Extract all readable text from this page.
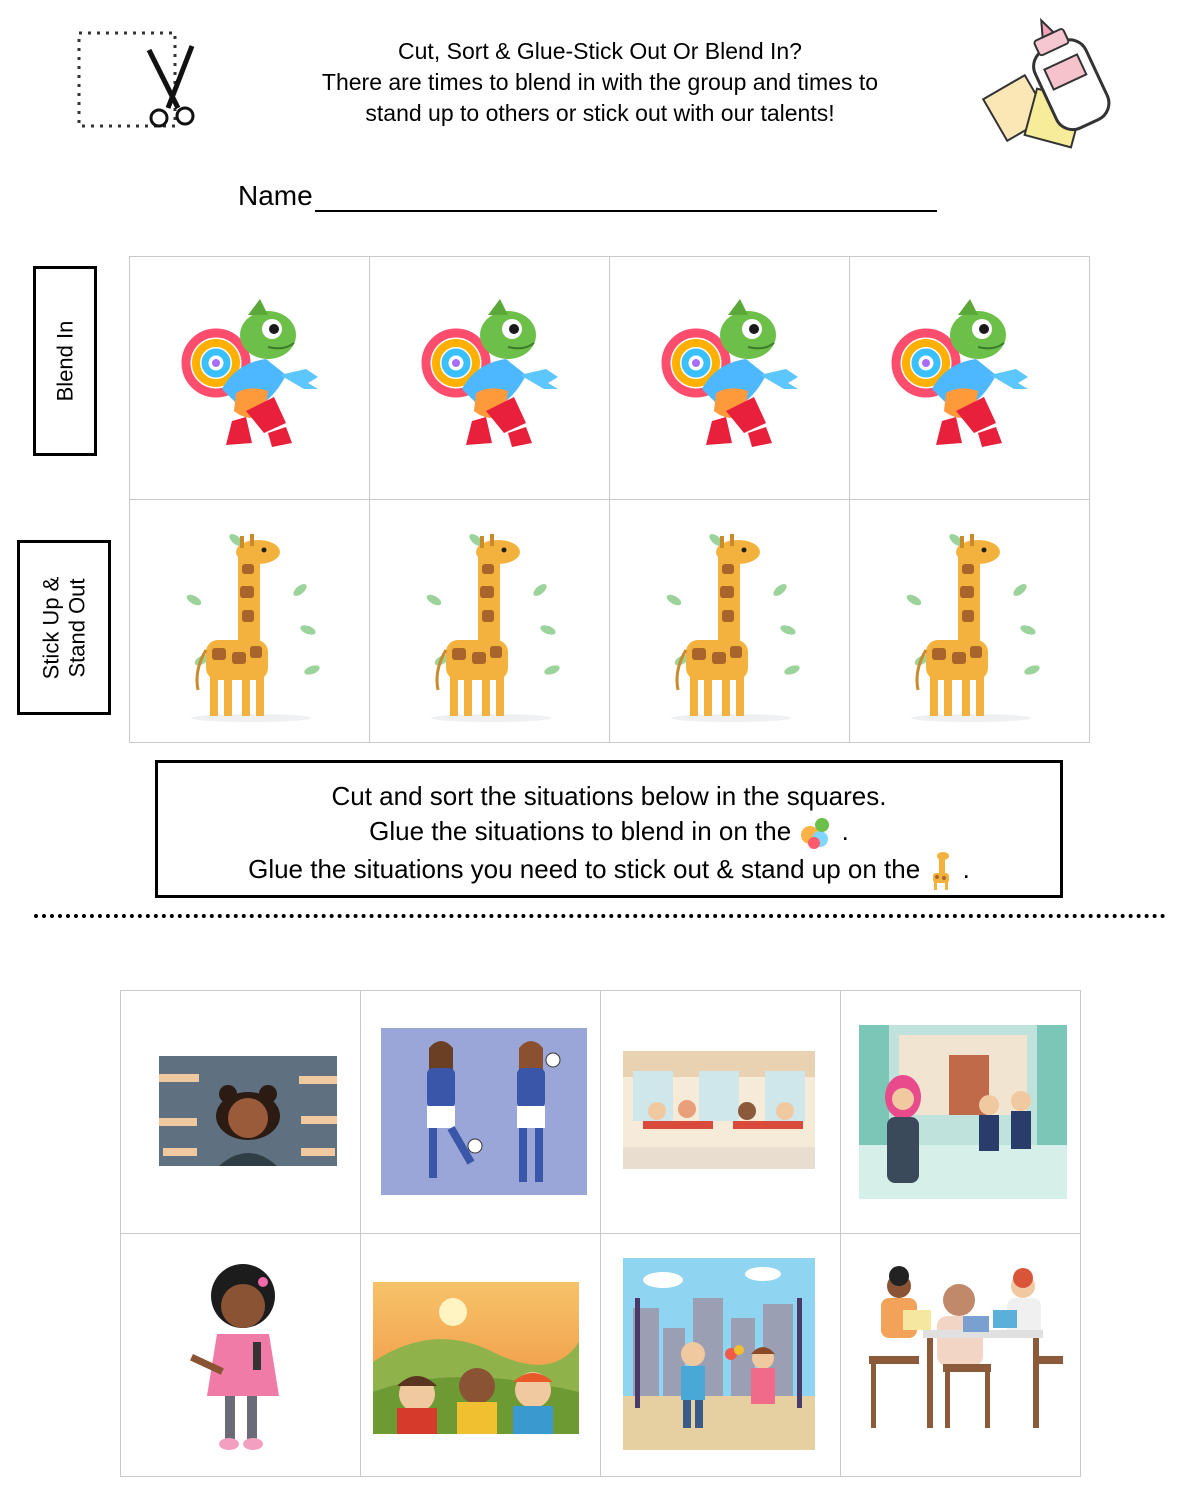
Cut, Sort & Glue-Stick Out Or Blend In?
There are times to blend in with the group and times to
stand up to others or stick out with our talents!
Name
Blend In
Stick Up & Stand Out

Cut and sort the situations below in the squares.
Glue the situations to blend in on the .
Glue the situations you need to stick out & stand up on the .
